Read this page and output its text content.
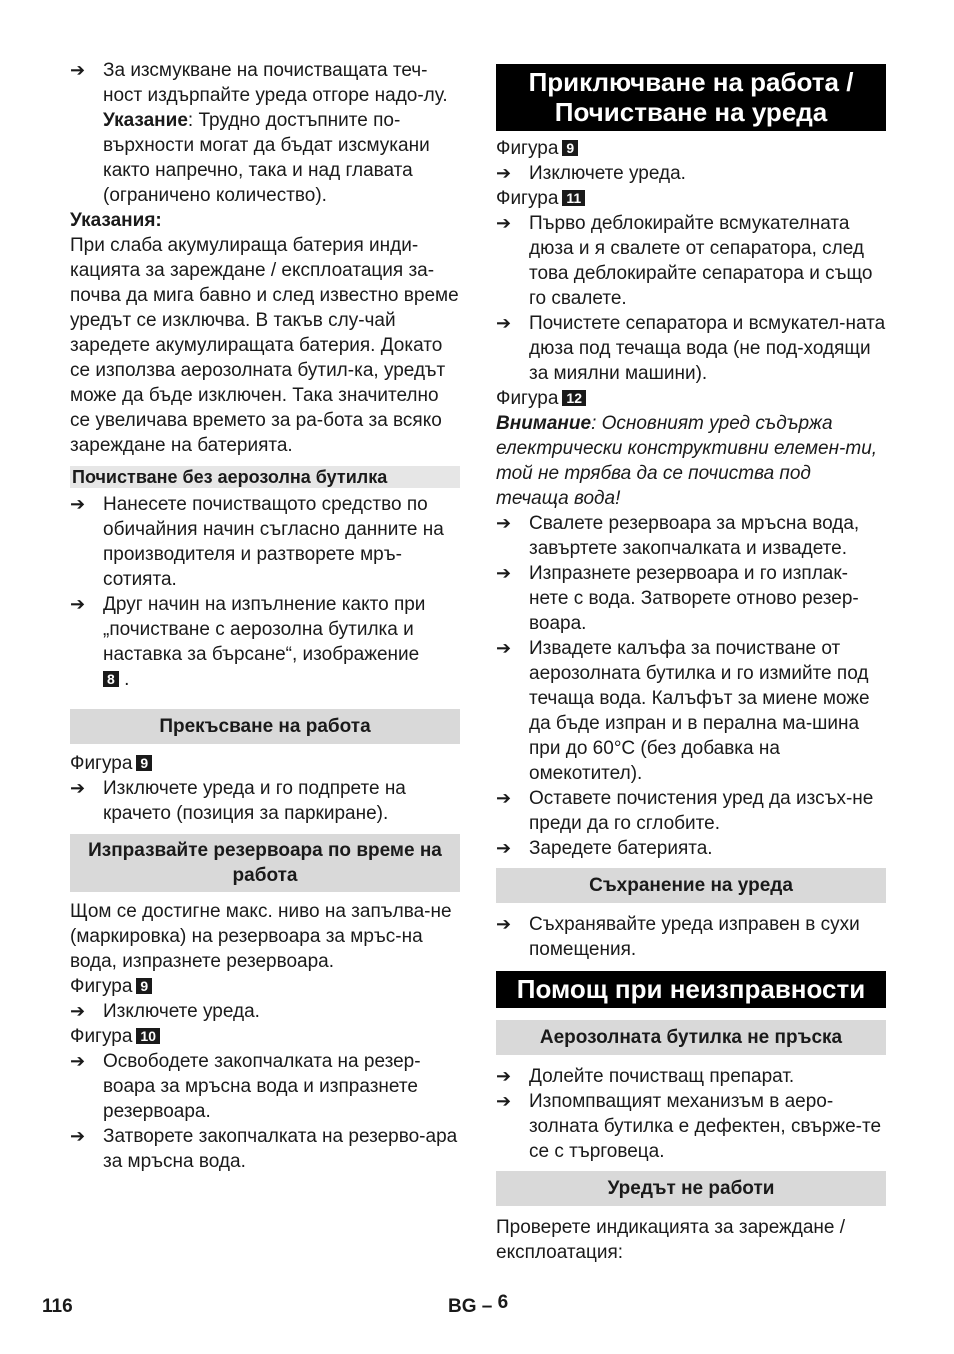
➔ За изсмукване на почистващата теч-ност издърпайте уреда отгоре надо-лу.

Указание: Трудно достъпните по-върхности могат да бъдат изсмукани както напречно, така и над главата (ограничено количество).

Указания:

При слаба акумулираща батерия инди-кацията за зареждане / експлоатация за-почва да мига бавно и след известно време уредът се изключва. В такъв слу-чай заредете акумулиращата батерия. Докато се използва аерозолната бутил-ка, уредът може да бъде изключен. Така значително се увеличава времето за ра-бота за всяко зареждане на батерията.

Почистване без аерозолна бутилка
➔ Нанесете почистващото средство по обичайния начин съгласно данните на производителя и разтворете мръ-сотията.
➔ Друг начин на изпълнение както при „почистване с аерозолна бутилка и наставка за бърсане“, изображение
8 .
Прекъсване на работа

Фигура 9

➔ Изключете уреда и го подпрете на крачето (позиция за паркиране).
Изпразвайте резервоара по време на работа

Щом се достигне макс. ниво на запълва-не (маркировка) на резервоара за мръс-на вода, изпразнете резервоара.

Фигура 9

➔ Изключете уреда.

Фигура 10

➔ Освободете закопчалката на резер-воара за мръсна вода и изпразнете резервоара.
➔ Затворете закопчалката на резерво-ара за мръсна вода.
Приключване на работа / Почистване на уреда

Фигура 9

➔ Изключете уреда.

Фигура 11

➔ Първо деблокирайте всмукателната дюза и я свалете от сепаратора, след това деблокирайте сепаратора и също го свалете.
➔ Почистете сепаратора и всмукател-ната дюза под течаща вода (не под-ходящи за миялни машини).

Фигура 12

Внимание: Основният уред съдържа електрически конструктивни елемен-ти, той не трябва да се почиства под течаща вода!

➔ Свалете резервоара за мръсна вода, завъртете закопчалката и извадете.
➔ Изпразнете резервоара и го изплак-нете с вода. Затворете отново резер-воара.
➔ Извадете калъфа за почистване от аерозолната бутилка и го измийте под течаща вода. Калъфът за миене може да бъде изпран и в перална ма-шина при до 60°C (без добавка на омекотител).
➔ Оставете почистения уред да изсъх-не преди да го сглобите.
➔ Заредете батерията.
Съхранение на уреда
➔ Съхранявайте уреда изправен в сухи помещения.
Помощ при неизправности
Аерозолната бутилка не пръска
➔ Долейте почистващ препарат.
➔ Изпомпващият механизъм в аеро-золната бутилка е дефектен, свърже-те се с търговеца.
Уредът не работи

Проверете индикацията за зареждане / експлоатация:

116	BG – 6
